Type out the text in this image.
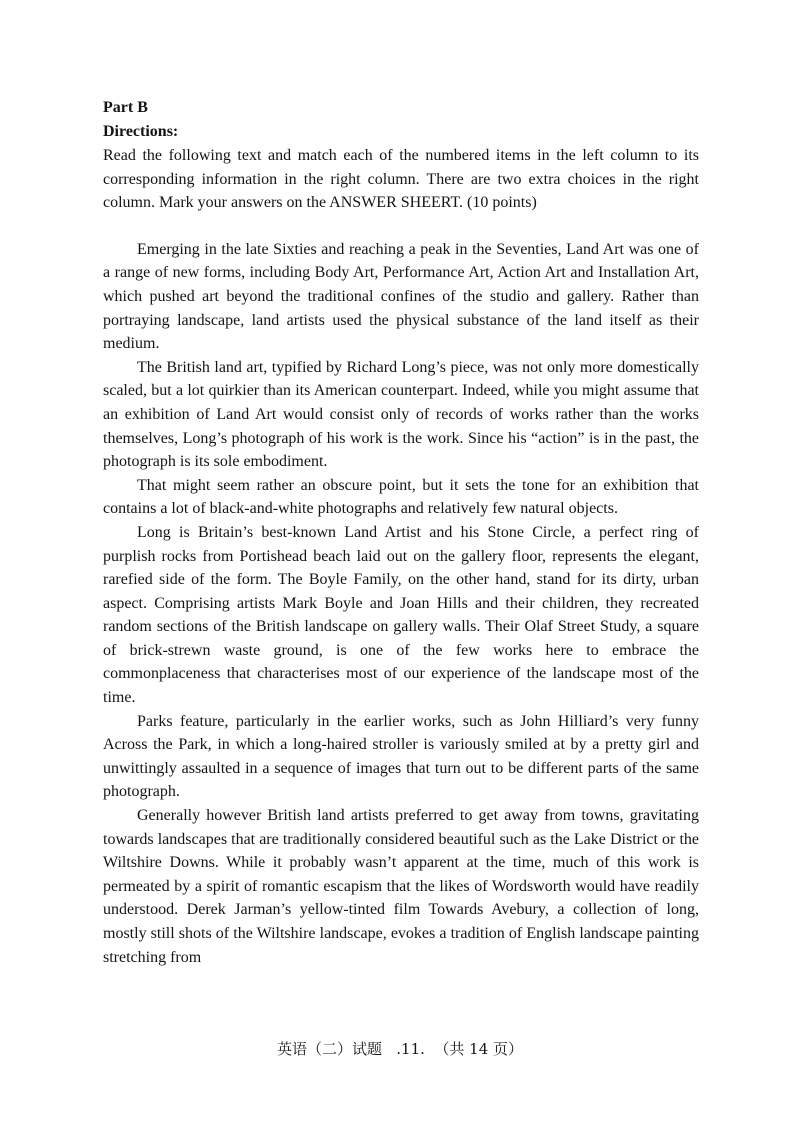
Part B
Directions:

Read the following text and match each of the numbered items in the left column to its corresponding information in the right column. There are two extra choices in the right column. Mark your answers on the ANSWER SHEERT. (10 points)

Emerging in the late Sixties and reaching a peak in the Seventies, Land Art was one of a range of new forms, including Body Art, Performance Art, Action Art and Installation Art, which pushed art beyond the traditional confines of the studio and gallery. Rather than portraying landscape, land artists used the physical substance of the land itself as their medium.

The British land art, typified by Richard Long’s piece, was not only more domestically scaled, but a lot quirkier than its American counterpart. Indeed, while you might assume that an exhibition of Land Art would consist only of records of works rather than the works themselves, Long’s photograph of his work is the work. Since his “action” is in the past, the photograph is its sole embodiment.

That might seem rather an obscure point, but it sets the tone for an exhibition that contains a lot of black-and-white photographs and relatively few natural objects.

Long is Britain’s best-known Land Artist and his Stone Circle, a perfect ring of purplish rocks from Portishead beach laid out on the gallery floor, represents the elegant, rarefied side of the form. The Boyle Family, on the other hand, stand for its dirty, urban aspect. Comprising artists Mark Boyle and Joan Hills and their children, they recreated random sections of the British landscape on gallery walls. Their Olaf Street Study, a square of brick-strewn waste ground, is one of the few works here to embrace the commonplaceness that characterises most of our experience of the landscape most of the time.

Parks feature, particularly in the earlier works, such as John Hilliard’s very funny Across the Park, in which a long-haired stroller is variously smiled at by a pretty girl and unwittingly assaulted in a sequence of images that turn out to be different parts of the same photograph.

Generally however British land artists preferred to get away from towns, gravitating towards landscapes that are traditionally considered beautiful such as the Lake District or the Wiltshire Downs. While it probably wasn’t apparent at the time, much of this work is permeated by a spirit of romantic escapism that the likes of Wordsworth would have readily understood. Derek Jarman’s yellow-tinted film Towards Avebury, a collection of long, mostly still shots of the Wiltshire landscape, evokes a tradition of English landscape painting stretching from

英语（二）试题   .11.  （共 14 页）
